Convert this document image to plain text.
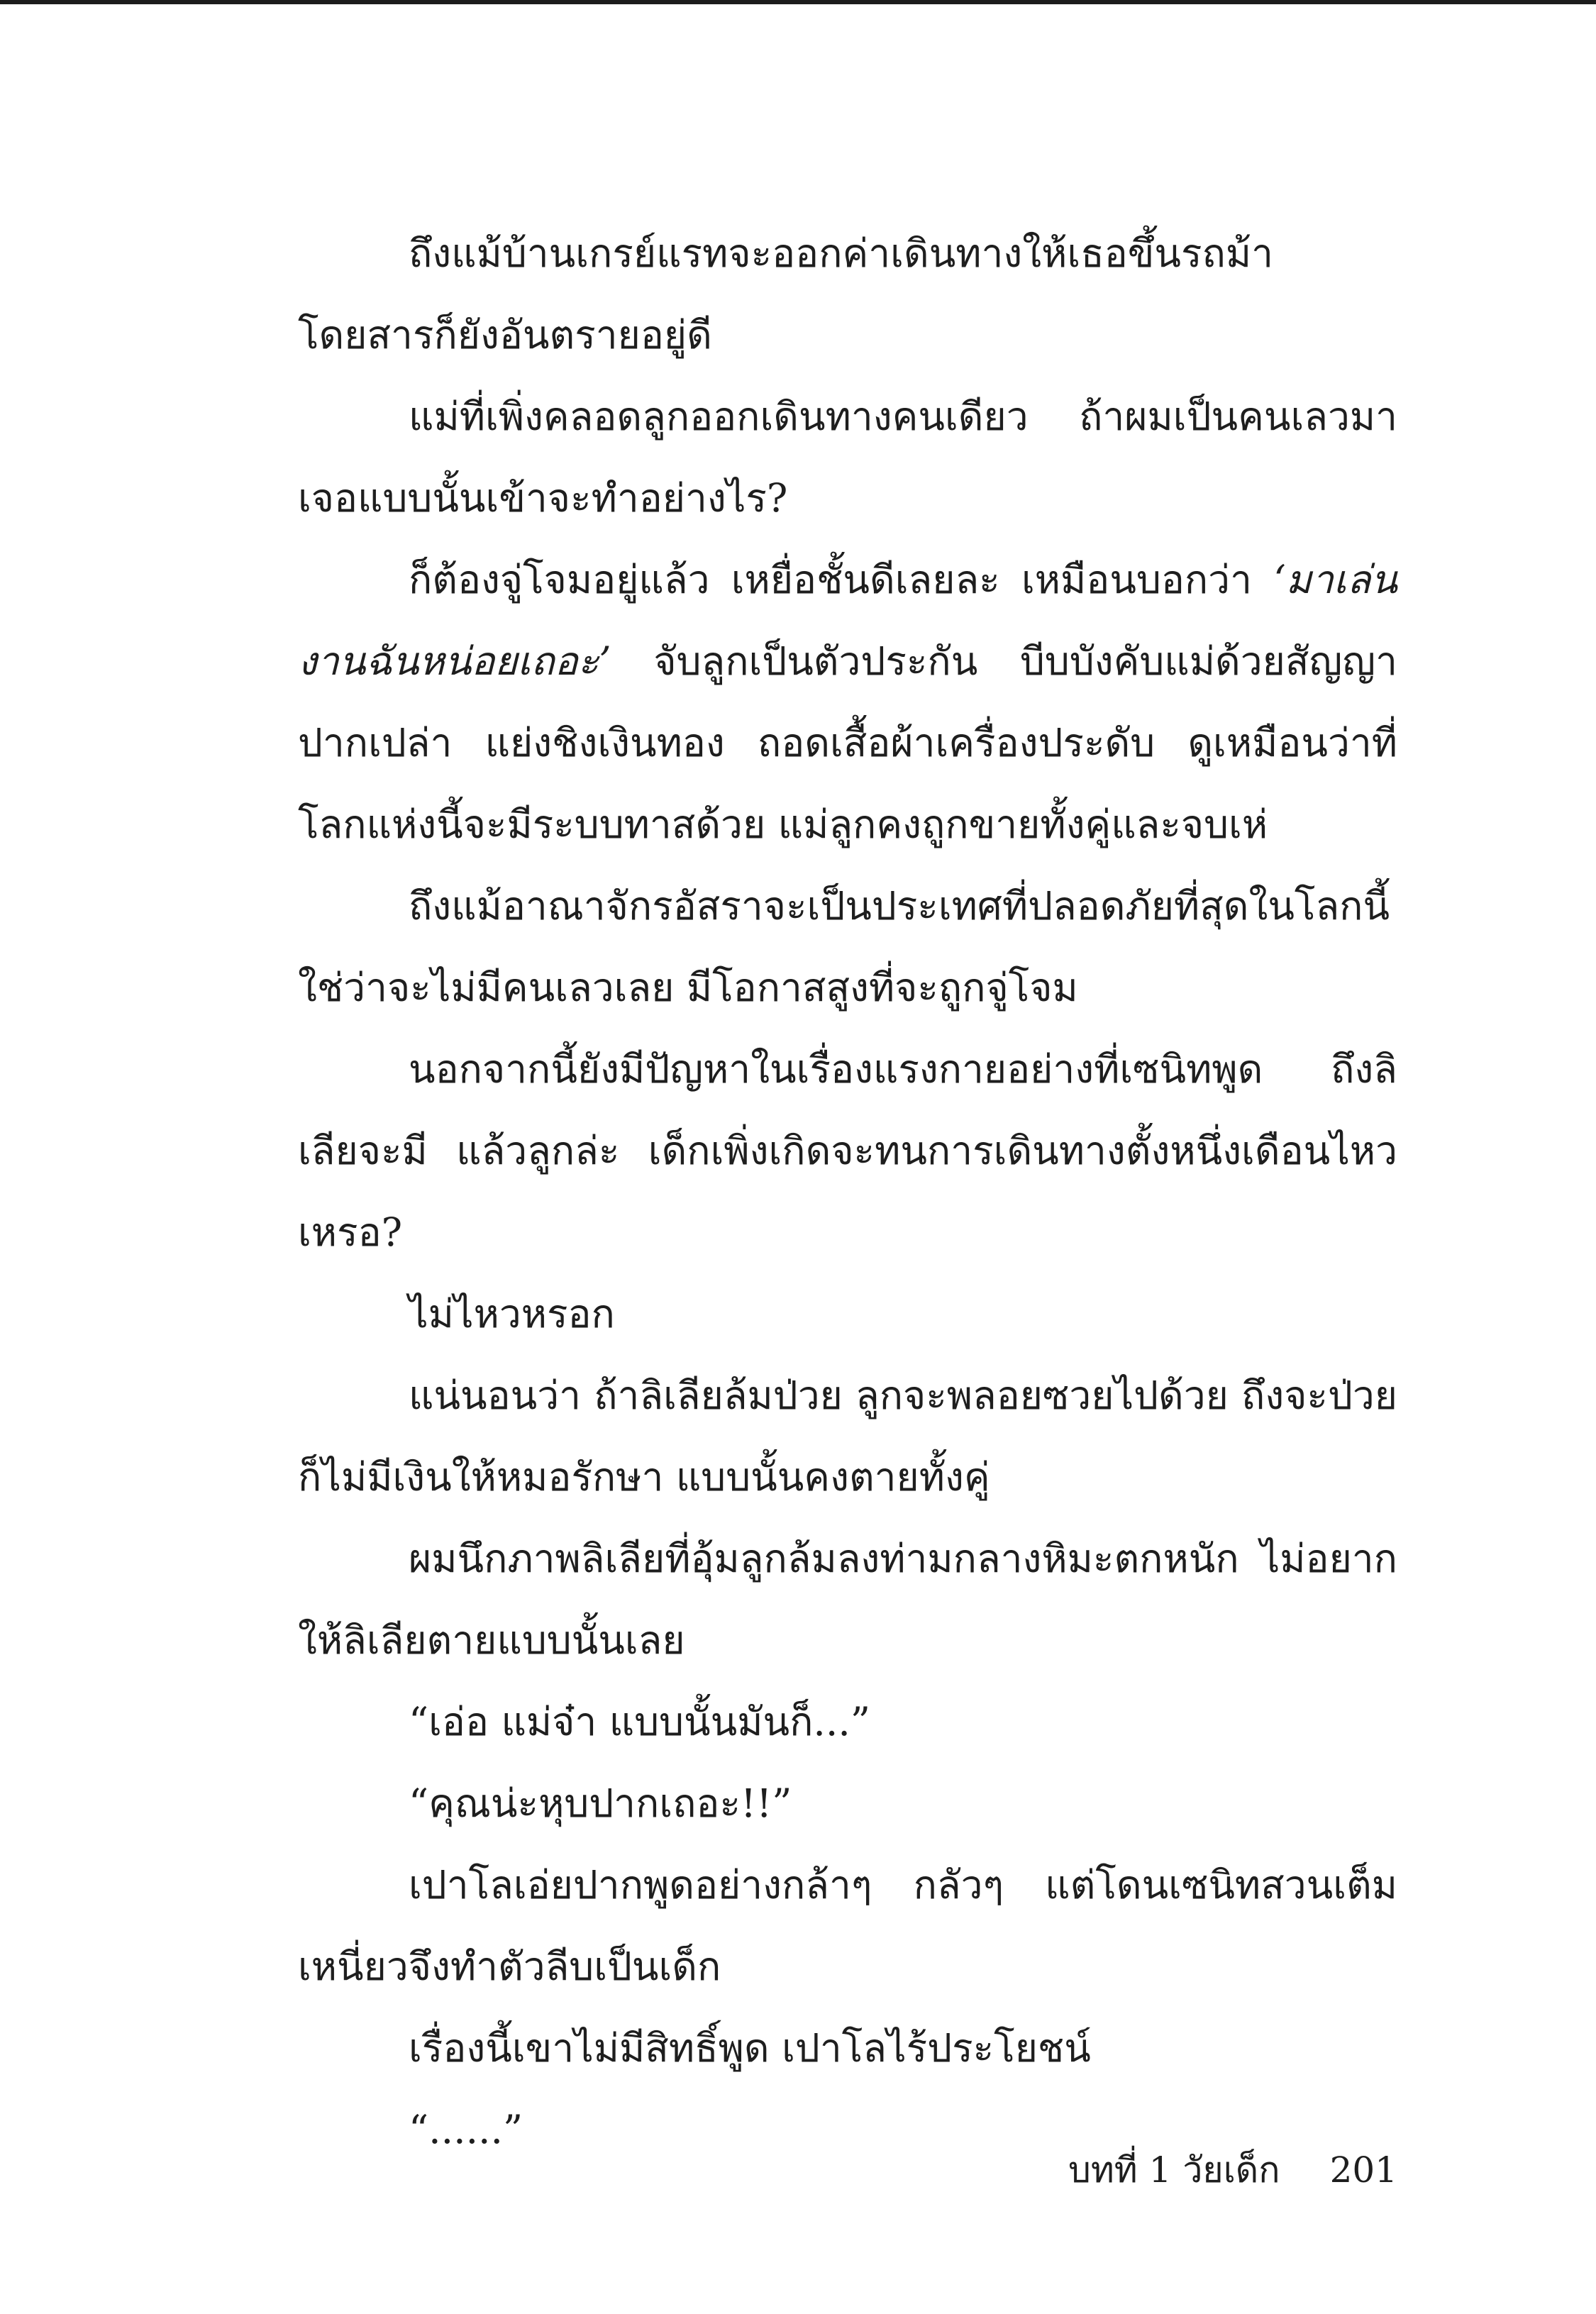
ถึงแม้บ้านเกรย์แรทจะออกค่าเดินทางให้เธอขึ้นรถม้าโดยสารก็ยังอันตรายอยู่ดี

แม่ที่เพิ่งคลอดลูกออกเดินทางคนเดียว ถ้าผมเป็นคนเลวมาเจอแบบนั้นเข้าจะทำอย่างไร?

ก็ต้องจู่โจมอยู่แล้ว เหยื่อชั้นดีเลยละ เหมือนบอกว่า ‘มาเล่นงานฉันหน่อยเถอะ’ จับลูกเป็นตัวประกัน บีบบังคับแม่ด้วยสัญญาปากเปล่า แย่งชิงเงินทอง ถอดเสื้อผ้าเครื่องประดับ ดูเหมือนว่าที่โลกแห่งนี้จะมีระบบทาสด้วย แม่ลูกคงถูกขายทั้งคู่และจบเห่

ถึงแม้อาณาจักรอัสราจะเป็นประเทศที่ปลอดภัยที่สุดในโลกนี้ ใช่ว่าจะไม่มีคนเลวเลย มีโอกาสสูงที่จะถูกจู่โจม

นอกจากนี้ยังมีปัญหาในเรื่องแรงกายอย่างที่เซนิทพูด ถึงลิเลียจะมี แล้วลูกล่ะ เด็กเพิ่งเกิดจะทนการเดินทางตั้งหนึ่งเดือนไหวเหรอ?

ไม่ไหวหรอก

แน่นอนว่า ถ้าลิเลียล้มป่วย ลูกจะพลอยซวยไปด้วย ถึงจะป่วยก็ไม่มีเงินให้หมอรักษา แบบนั้นคงตายทั้งคู่

ผมนึกภาพลิเลียที่อุ้มลูกล้มลงท่ามกลางหิมะตกหนัก ไม่อยากให้ลิเลียตายแบบนั้นเลย

“เอ่อ แม่จ๋า แบบนั้นมันก็...”

“คุณน่ะหุบปากเถอะ!!”

เปาโลเอ่ยปากพูดอย่างกล้าๆ กลัวๆ แต่โดนเซนิทสวนเต็มเหนี่ยวจึงทำตัวลีบเป็นเด็ก

เรื่องนี้เขาไม่มีสิทธิ์พูด เปาโลไร้ประโยชน์

“......”

บทที่ 1 วัยเด็ก 201
